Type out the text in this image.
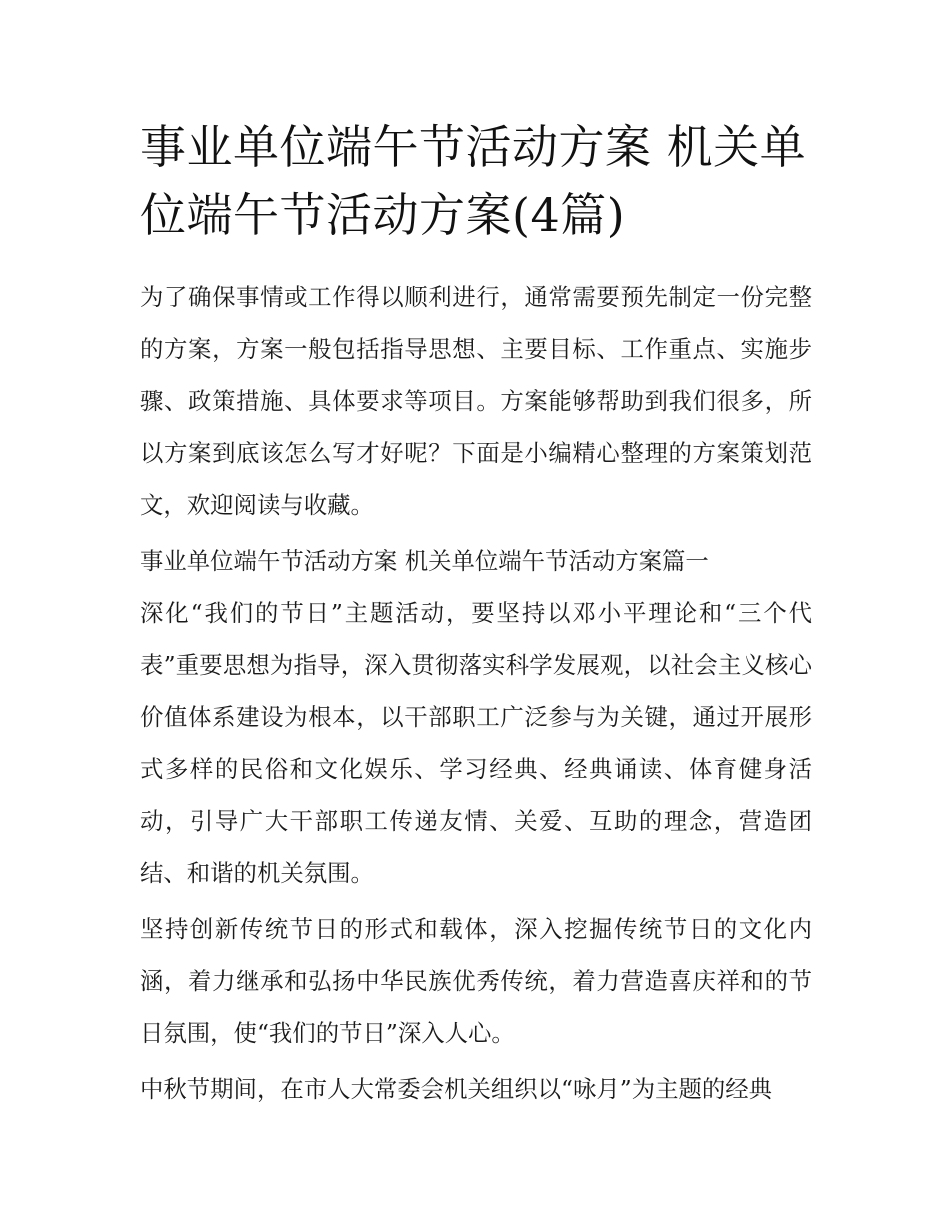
事业单位端午节活动方案 机关单位端午节活动方案(4篇)

为了确保事情或工作得以顺利进行，通常需要预先制定一份完整的方案，方案一般包括指导思想、主要目标、工作重点、实施步骤、政策措施、具体要求等项目。方案能够帮助到我们很多，所以方案到底该怎么写才好呢？下面是小编精心整理的方案策划范文，欢迎阅读与收藏。

事业单位端午节活动方案 机关单位端午节活动方案篇一

深化“我们的节日”主题活动，要坚持以邓小平理论和“三个代表”重要思想为指导，深入贯彻落实科学发展观，以社会主义核心价值体系建设为根本，以干部职工广泛参与为关键，通过开展形式多样的民俗和文化娱乐、学习经典、经典诵读、体育健身活动，引导广大干部职工传递友情、关爱、互助的理念，营造团结、和谐的机关氛围。

坚持创新传统节日的形式和载体，深入挖掘传统节日的文化内涵，着力继承和弘扬中华民族优秀传统，着力营造喜庆祥和的节日氛围，使“我们的节日”深入人心。

中秋节期间，在市人大常委会机关组织以“咏月”为主题的经典
